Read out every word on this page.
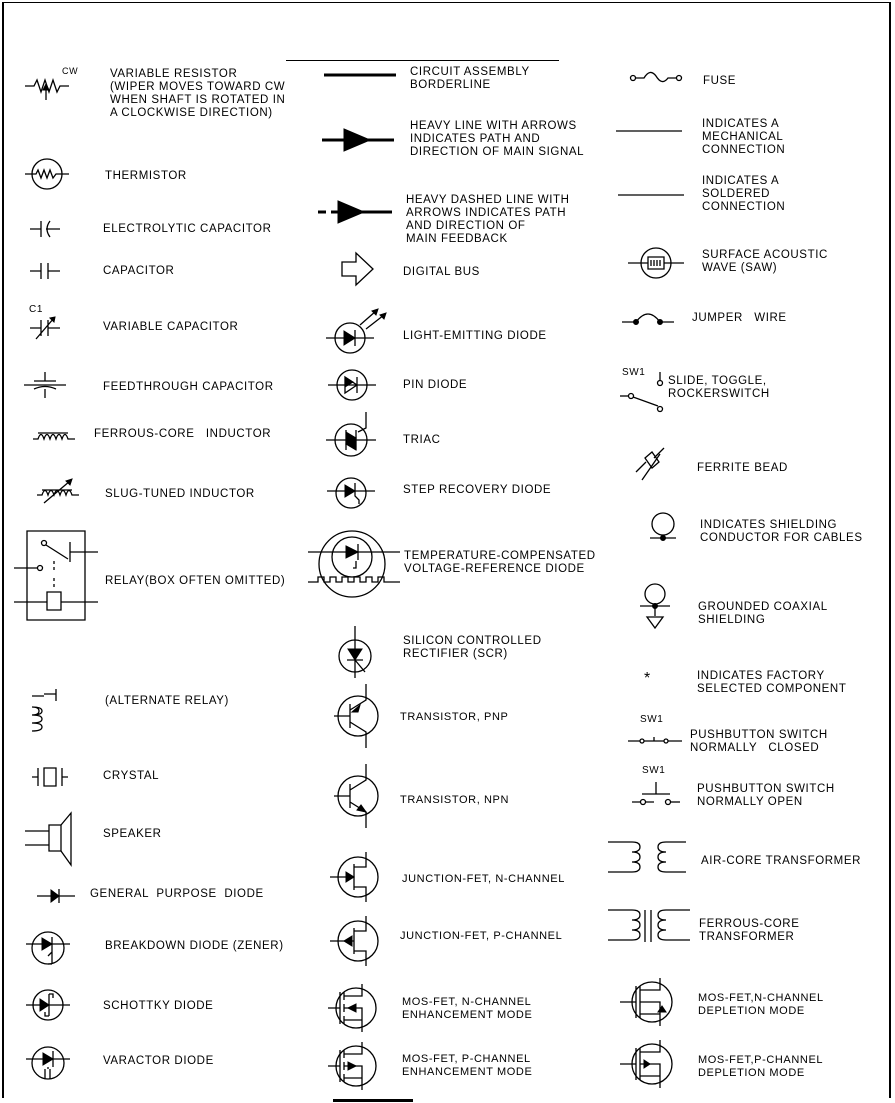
CW	VARIABLE RESISTOR
(WIPER MOVES TOWARD CW
WHEN SHAFT IS ROTATED IN
A CLOCKWISE DIRECTION)
THERMISTOR
ELECTROLYTIC CAPACITOR
CAPACITOR
C1
VARIABLE CAPACITOR
FEEDTHROUGH CAPACITOR
FERROUS-CORE   INDUCTOR
SLUG-TUNED INDUCTOR
RELAY(BOX OFTEN OMITTED)
(ALTERNATE RELAY)
CRYSTAL
SPEAKER
GENERAL  PURPOSE  DIODE
BREAKDOWN DIODE (ZENER)
SCHOTTKY DIODE
VARACTOR DIODE
CIRCUIT ASSEMBLY
BORDERLINE
HEAVY LINE WITH ARROWS
INDICATES PATH AND
DIRECTION OF MAIN SIGNAL
HEAVY DASHED LINE WITH
ARROWS INDICATES PATH
AND DIRECTION OF
MAIN FEEDBACK
DIGITAL BUS
LIGHT-EMITTING DIODE
PIN DIODE
TRIAC
STEP RECOVERY DIODE
TEMPERATURE-COMPENSATED
VOLTAGE-REFERENCE DIODE
SILICON CONTROLLED
RECTIFIER (SCR)
TRANSISTOR, PNP
TRANSISTOR, NPN
JUNCTION-FET, N-CHANNEL
JUNCTION-FET, P-CHANNEL
MOS-FET, N-CHANNEL
ENHANCEMENT MODE
MOS-FET, P-CHANNEL
ENHANCEMENT MODE
FUSE
INDICATES A
MECHANICAL
CONNECTION
INDICATES A
SOLDERED
CONNECTION
SURFACE ACOUSTIC
WAVE (SAW)
JUMPER   WIRE
SW1
SLIDE, TOGGLE,
ROCKERSWITCH
FERRITE BEAD
INDICATES SHIELDING
CONDUCTOR FOR CABLES
GROUNDED COAXIAL
SHIELDING
*	INDICATES FACTORY
SELECTED COMPONENT
SW1
PUSHBUTTON SWITCH
NORMALLY   CLOSED
SW1
PUSHBUTTON SWITCH
NORMALLY OPEN
AIR-CORE TRANSFORMER
FERROUS-CORE
TRANSFORMER
MOS-FET,N-CHANNEL
DEPLETION MODE
MOS-FET,P-CHANNEL
DEPLETION MODE
